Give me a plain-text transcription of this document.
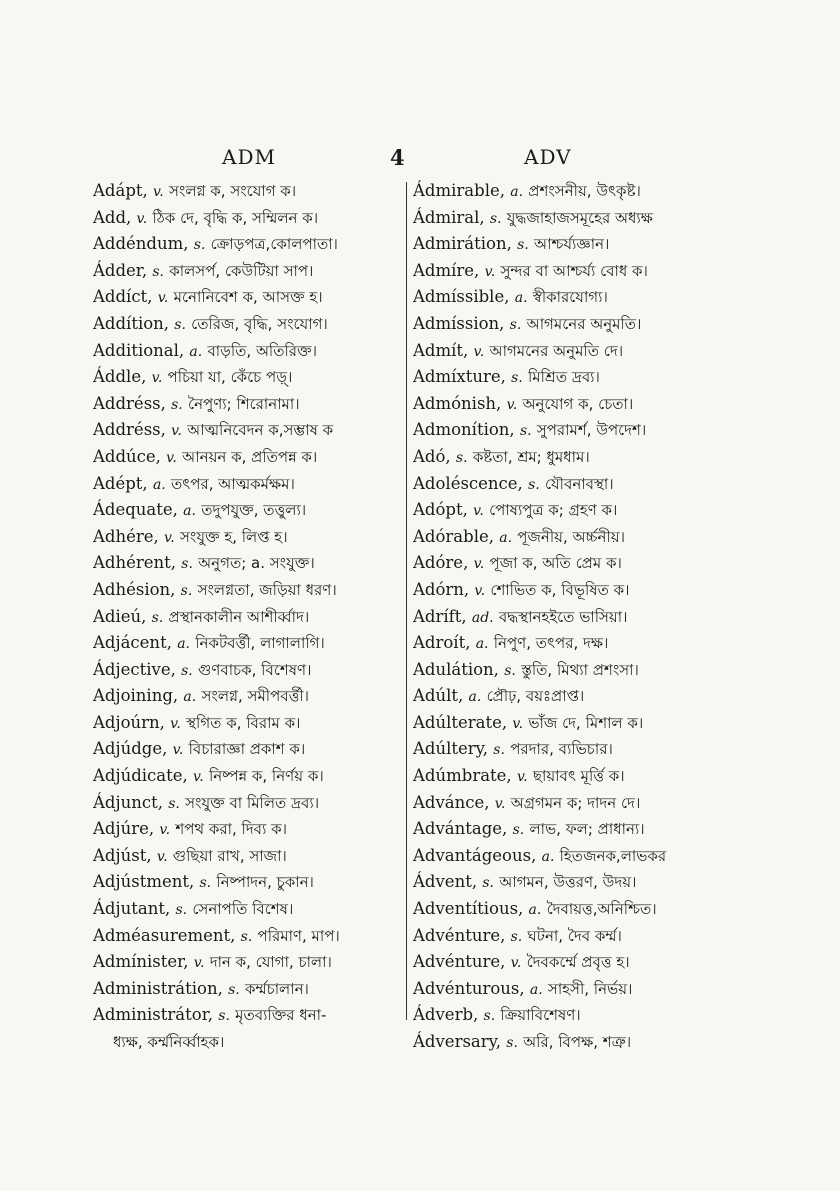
ADM	4	ADV
Adápt, v. সংলগ্ন ক, সংযোগ ক।
Add, v. ঠিক দে, বৃদ্ধি ক, সম্মিলন ক।
Addéndum, s. ক্রোড়পত্র,কোলপাতা।
Ádder, s. কালসর্প, কেউটিয়া সাপ।
Addíct, v. মনোনিবেশ ক, আসক্ত হ।
Addítion, s. তেরিজ, বৃদ্ধি, সংযোগ।
Additional, a. বাড়তি, অতিরিক্ত।
Áddle, v. পচিয়া যা, কেঁচে পড়্।
Addréss, s. নৈপুণ্য; শিরোনামা।
Addréss, v. আত্মনিবেদন ক,সম্ভাষ ক
Addúce, v. আনয়ন ক, প্রতিপন্ন ক।
Adépt, a. তৎপর, আত্মকর্মক্ষম।
Ádequate, a. তদুপযুক্ত, তত্তুল্য।
Adhére, v. সংযুক্ত হ, লিপ্ত হ।
Adhérent, s. অনুগত; a. সংযুক্ত।
Adhésion, s. সংলগ্নতা, জড়িয়া ধরণ।
Adieú, s. প্রস্থানকালীন আশীর্ব্বাদ।
Adjácent, a. নিকটবর্ত্তী, লাগালাগি।
Ádjective, s. গুণবাচক, বিশেষণ।
Adjoining, a. সংলগ্ন, সমীপবর্ত্তী।
Adjoúrn, v. স্থগিত ক, বিরাম ক।
Adjúdge, v. বিচারাজ্ঞা প্রকাশ ক।
Adjúdicate, v. নিষ্পন্ন ক, নির্ণয় ক।
Ádjunct, s. সংযুক্ত বা মিলিত দ্রব্য।
Adjúre, v. শপথ করা, দিব্য ক।
Adjúst, v. গুছিয়া রাখ, সাজা।
Adjústment, s. নিষ্পাদন, চুকান।
Ádjutant, s. সেনাপতি বিশেষ।
Adméasurement, s. পরিমাণ, মাপ।
Admínister, v. দান ক, যোগা, চালা।
Administrátion, s. কর্ম্মচালান।
Administrátor, s. মৃতব্যক্তির ধনা-
ধ্যক্ষ, কর্ম্মনির্ব্বাহক।
Ádmirable, a. প্রশংসনীয়, উৎকৃষ্ট।
Ádmiral, s. যুদ্ধজাহাজসমূহের অধ্যক্ষ
Admirátion, s. আশ্চর্য্যজ্ঞান।
Admíre, v. সুন্দর বা আশ্চর্য্য বোধ ক।
Admíssible, a. স্বীকারযোগ্য।
Admíssion, s. আগমনের অনুমতি।
Admít, v. আগমনের অনুমতি দে।
Admíxture, s. মিশ্রিত দ্রব্য।
Admónish, v. অনুযোগ ক, চেতা।
Admonítion, s. সুপরামর্শ, উপদেশ।
Adó, s. কষ্টতা, শ্রম; ধুমধাম।
Adoléscence, s. যৌবনাবস্থা।
Adópt, v. পোষ্যপুত্র ক; গ্রহণ ক।
Adórable, a. পূজনীয়, অর্চ্চনীয়।
Adóre, v. পূজা ক, অতি প্রেম ক।
Adórn, v. শোভিত ক, বিভূষিত ক।
Adríft, ad. বদ্ধস্থানহইতে ভাসিয়া।
Adroít, a. নিপুণ, তৎপর, দক্ষ।
Adulátion, s. স্তুতি, মিথ্যা প্রশংসা।
Adúlt, a. প্রৌঢ়, বয়ঃপ্রাপ্ত।
Adúlterate, v. ভাঁজ দে, মিশাল ক।
Adúltery, s. পরদার, ব্যভিচার।
Adúmbrate, v. ছায়াবৎ মূর্ত্তি ক।
Advánce, v. অগ্রগমন ক; দাদন দে।
Advántage, s. লাভ, ফল; প্রাধান্য।
Advantágeous, a. হিতজনক,লাভকর
Ádvent, s. আগমন, উত্তরণ, উদয়।
Adventítious, a. দৈবায়ত্ত,অনিশ্চিত।
Advénture, s. ঘটনা, দৈব কর্ম্ম।
Advénture, v. দৈবকর্ম্মে প্রবৃত্ত হ।
Advénturous, a. সাহসী, নির্ভয়।
Ádverb, s. ক্রিয়াবিশেষণ।
Ádversary, s. অরি, বিপক্ষ, শত্রু।
